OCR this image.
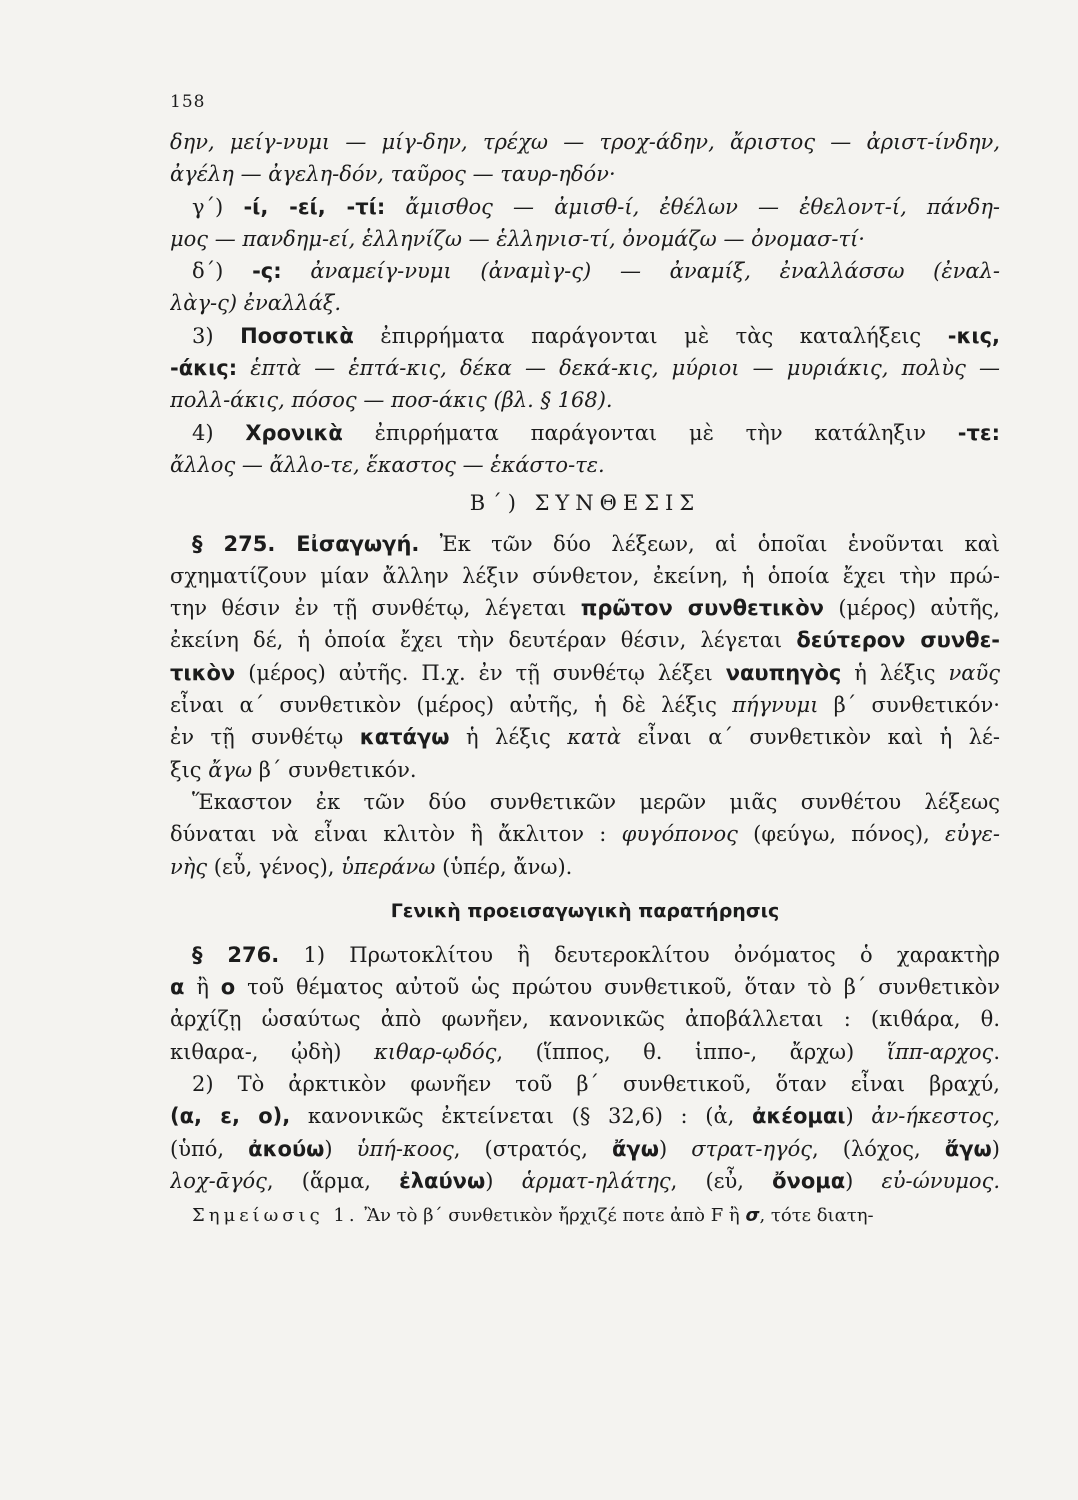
158
δην, μείγ-νυμι — μίγ-δην, τρέχω — τροχ-άδην, ἄριστος — ἀριστ-ίνδην,
ἀγέλη — ἀγελη-δόν, ταῦρος — ταυρ-ηδόν·
γ΄) -ί, -εί, -τί: ἄμισθος — ἀμισθ-ί, ἐθέλων — ἐθελοντ-ί, πάνδη-
μος — πανδημ-εί, ἑλληνίζω — ἑλληνισ-τί, ὀνομάζω — ὀνομασ-τί·
δ΄) -ς: ἀναμείγ-νυμι (ἀναμὶγ-ς) — ἀναμίξ, ἐναλλάσσω (ἐναλ-
λὰγ-ς) ἐναλλάξ.
3) Ποσοτικὰ ἐπιρρήματα παράγονται μὲ τὰς καταλήξεις -κις,
-άκις: ἑπτὰ — ἑπτά-κις, δέκα — δεκά-κις, μύριοι — μυριάκις, πολὺς —
πολλ-άκις, πόσος — ποσ-άκις (βλ. § 168).
4) Χρονικὰ ἐπιρρήματα παράγονται μὲ τὴν κατάληξιν -τε:
ἄλλος — ἄλλο-τε, ἕκαστος — ἑκάστο-τε.
Β΄) ΣΥΝΘΕΣΙΣ
§ 275. Εἰσαγωγή. Ἐκ τῶν δύο λέξεων, αἱ ὁποῖαι ἑνοῦνται καὶ
σχηματίζουν μίαν ἄλλην λέξιν σύνθετον, ἐκείνη, ἡ ὁποία ἔχει τὴν πρώ-
την θέσιν ἐν τῇ συνθέτῳ, λέγεται πρῶτον συνθετικὸν (μέρος) αὐτῆς,
ἐκείνη δέ, ἡ ὁποία ἔχει τὴν δευτέραν θέσιν, λέγεται δεύτερον συνθε-
τικὸν (μέρος) αὐτῆς. Π.χ. ἐν τῇ συνθέτῳ λέξει ναυπηγὸς ἡ λέξις ναῦς
εἶναι α΄ συνθετικὸν (μέρος) αὐτῆς, ἡ δὲ λέξις πήγνυμι β΄ συνθετικόν·
ἐν τῇ συνθέτῳ κατάγω ἡ λέξις κατὰ εἶναι α΄ συνθετικὸν καὶ ἡ λέ-
ξις ἄγω β΄ συνθετικόν.
Ἕκαστον ἐκ τῶν δύο συνθετικῶν μερῶν μιᾶς συνθέτου λέξεως
δύναται νὰ εἶναι κλιτὸν ἢ ἄκλιτον : φυγόπονος (φεύγω, πόνος), εὐγε-
νὴς (εὖ, γένος), ὑπεράνω (ὑπέρ, ἄνω).
Γενικὴ προεισαγωγικὴ παρατήρησις
§ 276. 1) Πρωτοκλίτου ἢ δευτεροκλίτου ὀνόματος ὁ χαρακτὴρ
α ἢ ο τοῦ θέματος αὐτοῦ ὡς πρώτου συνθετικοῦ, ὅταν τὸ β΄ συνθετικὸν
ἀρχίζῃ ὡσαύτως ἀπὸ φωνῆεν, κανονικῶς ἀποβάλλεται : (κιθάρα, θ.
κιθαρα-, ᾠδὴ) κιθαρ-ῳδός, (ἵππος, θ. ἱππο-, ἄρχω) ἵππ-αρχος.
2) Τὸ ἀρκτικὸν φωνῆεν τοῦ β΄ συνθετικοῦ, ὅταν εἶναι βραχύ,
(α, ε, ο), κανονικῶς ἐκτείνεται (§ 32,6) : (ἀ, ἀκέομαι) ἀν-ήκεστος,
(ὑπό, ἀκούω) ὑπή-κοος, (στρατός, ἄγω) στρατ-ηγός, (λόχος, ἄγω)
λοχ-ᾱγός, (ἅρμα, ἐλαύνω) ἁρματ-ηλάτης, (εὖ, ὄνομα) εὐ-ώνυμος.
Σημείωσις 1. Ἂν τὸ β΄ συνθετικὸν ἤρχιζέ ποτε ἀπὸ F ἢ σ, τότε διατη-
